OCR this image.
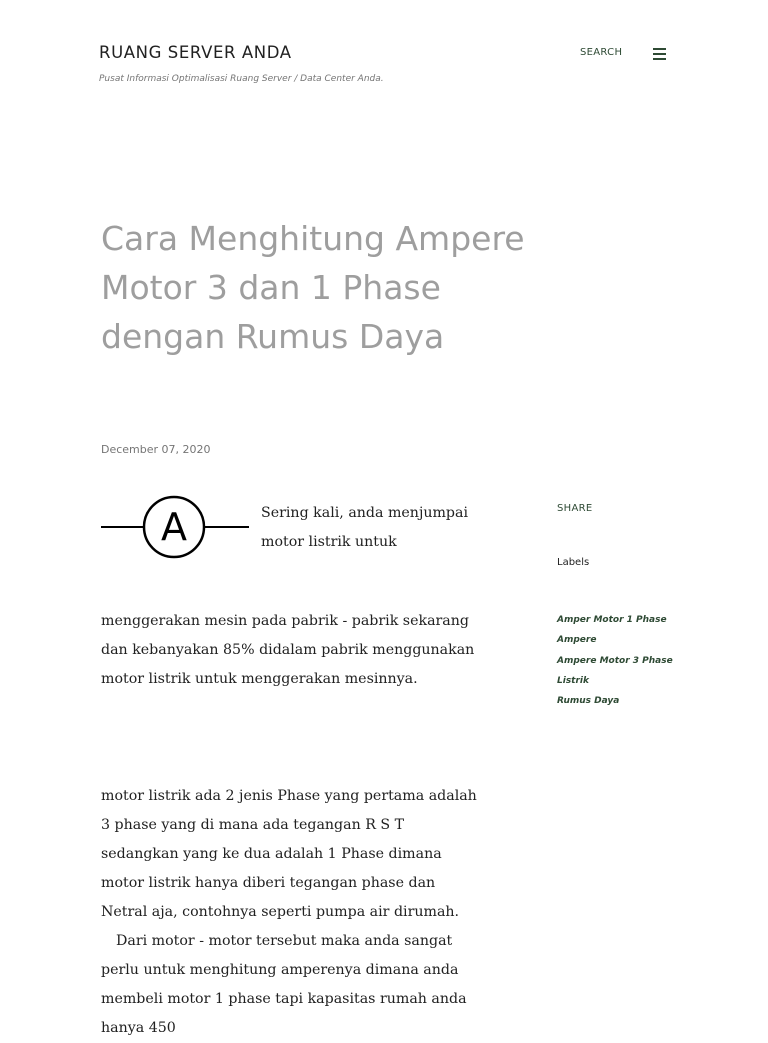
RUANG SERVER ANDA
Pusat Informasi Optimalisasi Ruang Server / Data Center Anda.
SEARCH
Cara Menghitung Ampere Motor 3 dan 1 Phase dengan Rumus Daya
December 07, 2020
A	Sering kali, anda menjumpai motor listrik untuk

menggerakan mesin pada pabrik - pabrik sekarang dan kebanyakan 85% didalam pabrik menggunakan motor listrik untuk menggerakan mesinnya.

motor listrik ada 2 jenis Phase yang pertama adalah 3 phase yang di mana ada tegangan R S T sedangkan yang ke dua adalah 1 Phase dimana motor listrik hanya diberi tegangan phase dan Netral aja, contohnya seperti pumpa air dirumah.

Dari motor - motor tersebut maka anda sangat perlu untuk menghitung amperenya dimana anda membeli motor 1 phase tapi kapasitas rumah anda hanya 450

SHARE
Labels
Amper Motor 1 Phase
Ampere
Ampere Motor 3 Phase
Listrik
Rumus Daya
